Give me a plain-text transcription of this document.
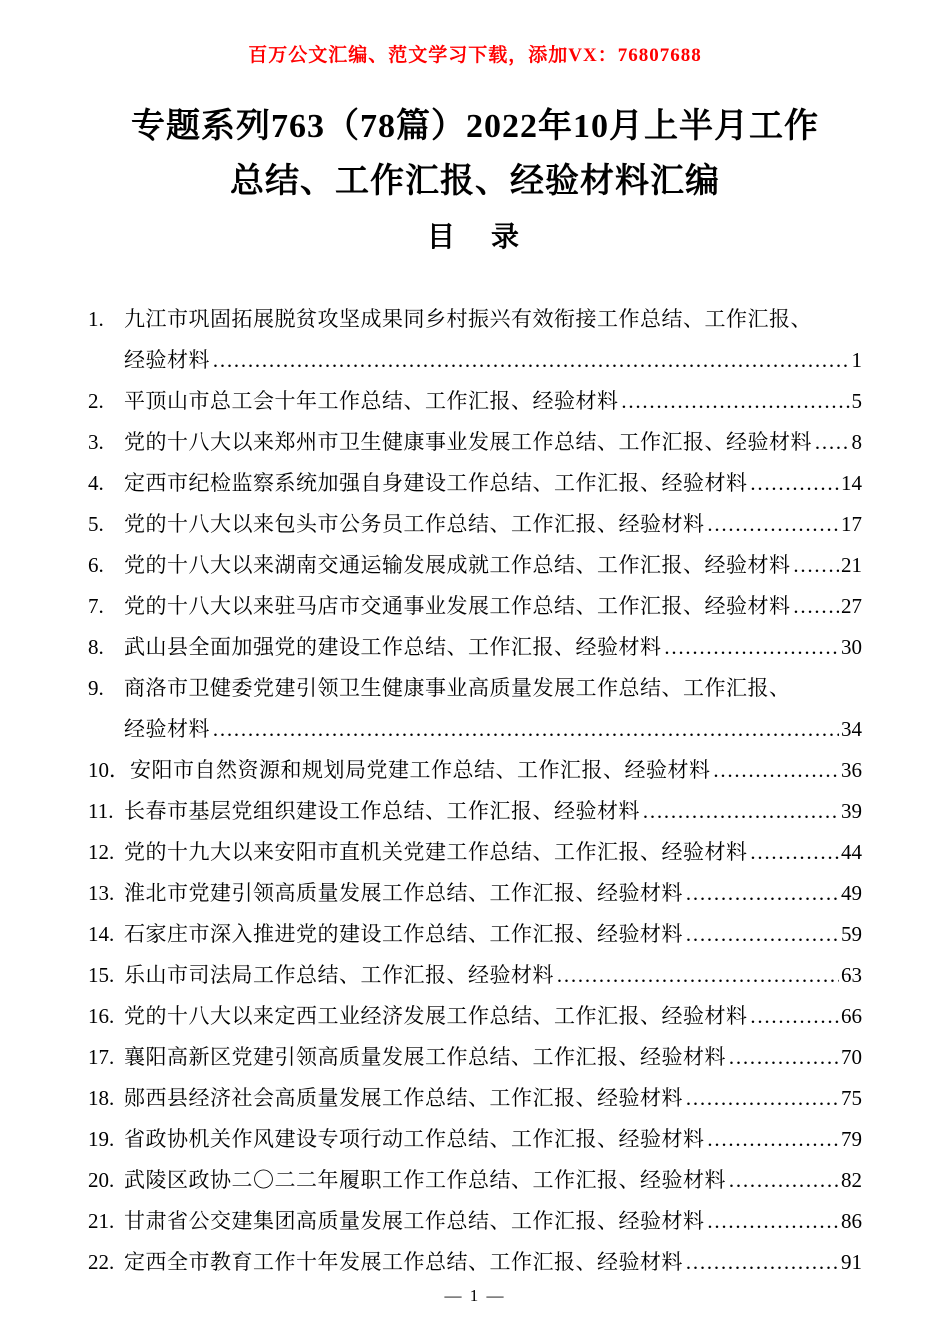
百万公文汇编、范文学习下载，添加VX：76807688
专题系列763（78篇）2022年10月上半月工作
总结、工作汇报、经验材料汇编
目　录
1. 九江市巩固拓展脱贫攻坚成果同乡村振兴有效衔接工作总结、工作汇报、
经验材料 ……………………………………………………………………………………………………………………………………	1
2. 平顶山市总工会十年工作总结、工作汇报、经验材料 ……………………………………………………………………………………………………………………………………	5
3. 党的十八大以来郑州市卫生健康事业发展工作总结、工作汇报、经验材料 …………………………………………………………………………………………………………………………………… 8
4. 定西市纪检监察系统加强自身建设工作总结、工作汇报、经验材料 ……………………………………………………………………………………………………………………………………	14
5. 党的十八大以来包头市公务员工作总结、工作汇报、经验材料 ……………………………………………………………………………………………………………………………………	17
6. 党的十八大以来湖南交通运输发展成就工作总结、工作汇报、经验材料 …………………………………………………………………………………………………………………………………… 21
7. 党的十八大以来驻马店市交通事业发展工作总结、工作汇报、经验材料 …………………………………………………………………………………………………………………………………… 27
8. 武山县全面加强党的建设工作总结、工作汇报、经验材料 ……………………………………………………………………………………………………………………………………	30
9. 商洛市卫健委党建引领卫生健康事业高质量发展工作总结、工作汇报、
经验材料 ……………………………………………………………………………………………………………………………………	34
10． 安阳市自然资源和规划局党建工作总结、工作汇报、经验材料 ……………………………………………………………………………………………………………………………………	36
11. 长春市基层党组织建设工作总结、工作汇报、经验材料 ……………………………………………………………………………………………………………………………………	39
12. 党的十九大以来安阳市直机关党建工作总结、工作汇报、经验材料 ……………………………………………………………………………………………………………………………………	44
13. 淮北市党建引领高质量发展工作总结、工作汇报、经验材料 ……………………………………………………………………………………………………………………………………	49
14. 石家庄市深入推进党的建设工作总结、工作汇报、经验材料 ……………………………………………………………………………………………………………………………………	59
15. 乐山市司法局工作总结、工作汇报、经验材料 ……………………………………………………………………………………………………………………………………	63
16. 党的十八大以来定西工业经济发展工作总结、工作汇报、经验材料 ……………………………………………………………………………………………………………………………………	66
17. 襄阳高新区党建引领高质量发展工作总结、工作汇报、经验材料 ……………………………………………………………………………………………………………………………………	70
18. 郧西县经济社会高质量发展工作总结、工作汇报、经验材料 ……………………………………………………………………………………………………………………………………	75
19. 省政协机关作风建设专项行动工作总结、工作汇报、经验材料 ……………………………………………………………………………………………………………………………………	79
20. 武陵区政协二〇二二年履职工作工作总结、工作汇报、经验材料 ……………………………………………………………………………………………………………………………………	82
21. 甘肃省公交建集团高质量发展工作总结、工作汇报、经验材料 ……………………………………………………………………………………………………………………………………	86
22. 定西全市教育工作十年发展工作总结、工作汇报、经验材料 ……………………………………………………………………………………………………………………………………	91
— 1 —
